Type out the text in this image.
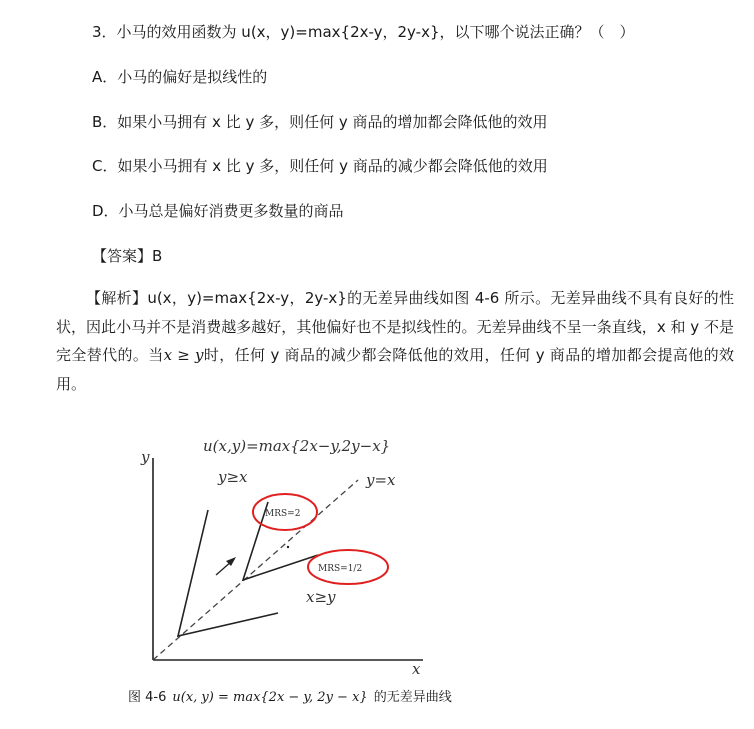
3．小马的效用函数为 u(x，y)=max{2x-y，2y-x}，以下哪个说法正确？（　）
A．小马的偏好是拟线性的
B．如果小马拥有 x 比 y 多，则任何 y 商品的增加都会降低他的效用
C．如果小马拥有 x 比 y 多，则任何 y 商品的减少都会降低他的效用
D．小马总是偏好消费更多数量的商品
【答案】B
【解析】u(x，y)=max{2x-y，2y-x}的无差异曲线如图 4-6 所示。无差异曲线不具有良好的性状，因此小马并不是消费越多越好，其他偏好也不是拟线性的。无差异曲线不呈一条直线，x 和 y 不是完全替代的。当x ≥ y时，任何 y 商品的减少都会降低他的效用，任何 y 商品的增加都会提高他的效用。
u(x,y)=max{2x−y,2y−x}
y
x
y≥x
x≥y
y=x
MRS=2
MRS=1/2
图 4-6 u(x, y) = max{2x − y, 2y − x} 的无差异曲线
